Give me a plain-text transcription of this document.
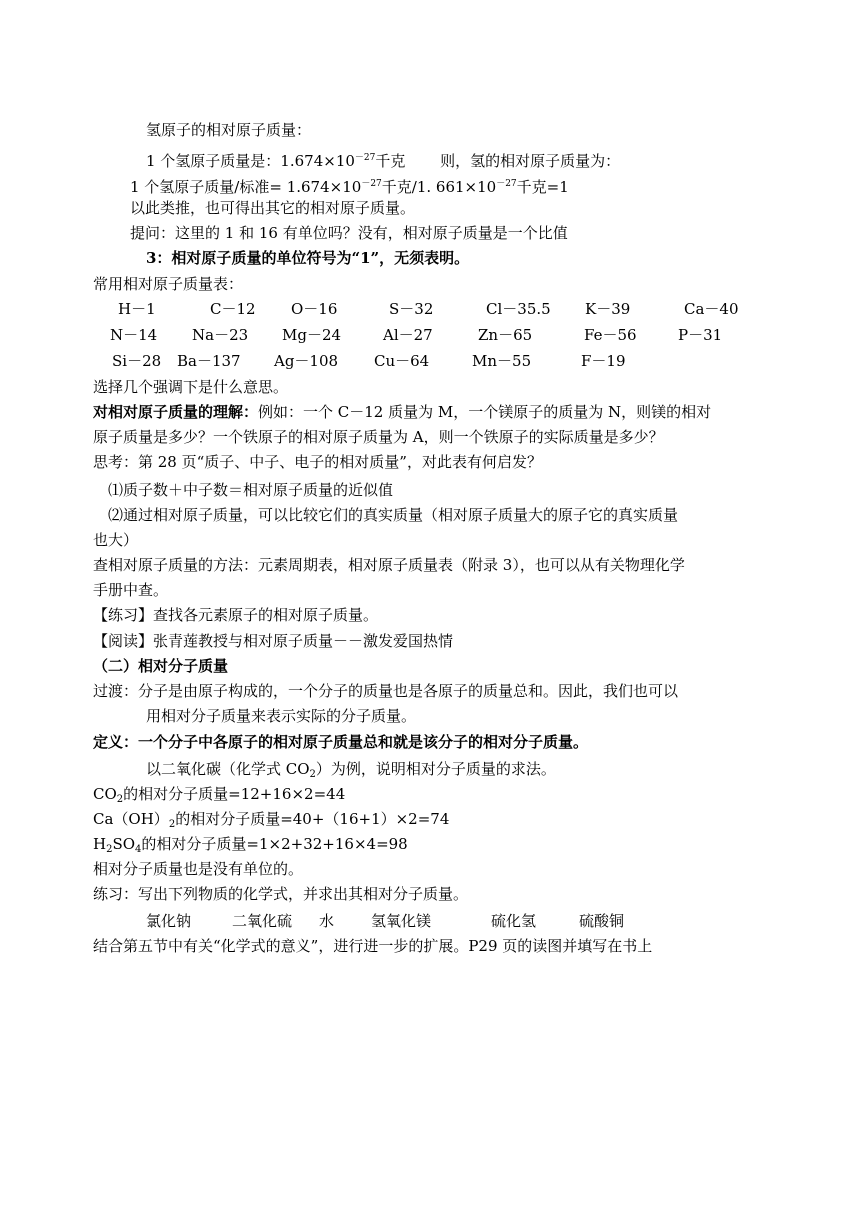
氢原子的相对原子质量：
1 个氢原子质量是：$1.674\times 10^{-27}$千克　　 则，氢的相对原子质量为：
1 个氢原子质量/标准= $1.674\times 10^{-27}$千克/1. $661\times 10^{-27}$千克=1
以此类推，也可得出其它的相对原子质量。
提问：这里的 1 和 16 有单位吗？没有，相对原子质量是一个比值
3：相对原子质量的单位符号为“1”，无须表明。
常用相对原子质量表：
H－1	C－12 O－16	S－32	Cl－35.5 K－39	Ca－40
N－14 Na－23 Mg－24	Al－27	Zn－65	Fe－56	P－31
Si－28 Ba－137 Ag－108 Cu－64	Mn－55	F－19
选择几个强调下是什么意思。
对相对原子质量的理解：例如：一个 C－12 质量为 M，一个镁原子的质量为 N，则镁的相对
原子质量是多少？一个铁原子的相对原子质量为 A，则一个铁原子的实际质量是多少？
思考：第 28 页“质子、中子、电子的相对质量”，对此表有何启发？
⑴质子数＋中子数＝相对原子质量的近似值
⑵通过相对原子质量，可以比较它们的真实质量（相对原子质量大的原子它的真实质量
也大）
查相对原子质量的方法：元素周期表，相对原子质量表（附录 3），也可以从有关物理化学
手册中查。
【练习】查找各元素原子的相对原子质量。
【阅读】张青莲教授与相对原子质量－－激发爱国热情
（二）相对分子质量
过渡：分子是由原子构成的，一个分子的质量也是各原子的质量总和。因此，我们也可以
用相对分子质量来表示实际的分子质量。
定义：一个分子中各原子的相对原子质量总和就是该分子的相对分子质量。
以二氧化碳（化学式 $CO_2$）为例，说明相对分子质量的求法。
$CO_2$的相对分子质量=12+16×2=44
$Ca(OH)_2$的相对分子质量=40+（16+1）×2=74
$H_2SO_4$的相对分子质量=1×2+32+16×4=98
相对分子质量也是没有单位的。
练习：写出下列物质的化学式，并求出其相对分子质量。
氯化钠	二氧化硫 水 氢氧化镁	硫化氢	硫酸铜
结合第五节中有关“化学式的意义”，进行进一步的扩展。P29 页的读图并填写在书上
